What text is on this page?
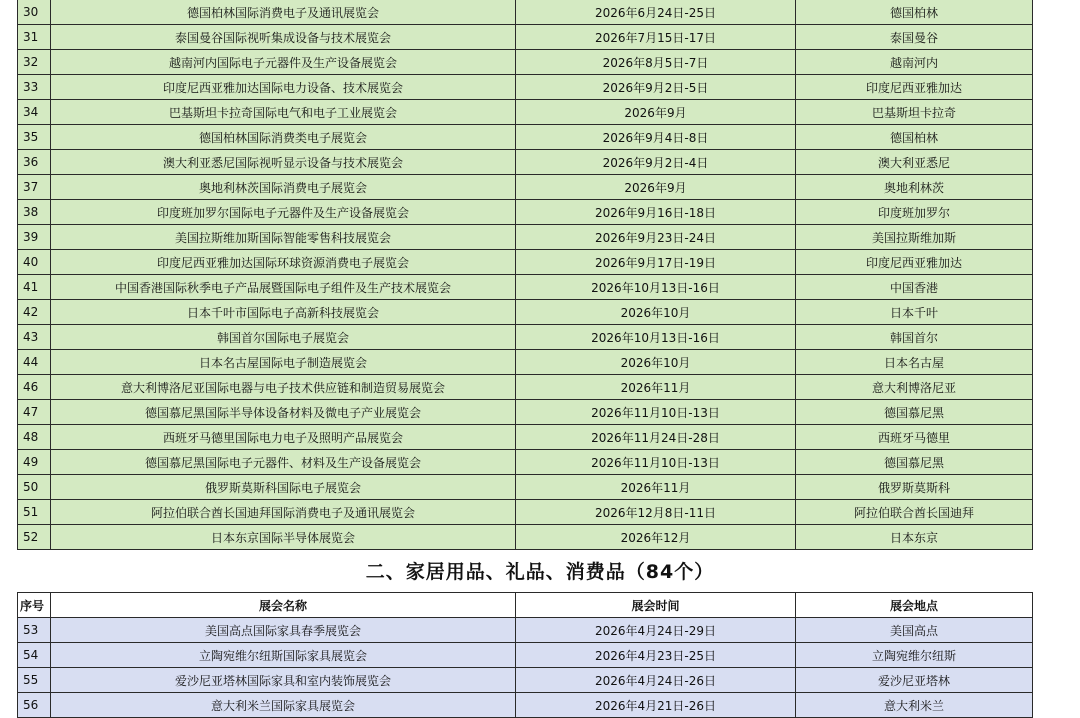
30	德国柏林国际消费电子及通讯展览会	2026年6月24日-25日	德国柏林
31	泰国曼谷国际视听集成设备与技术展览会	2026年7月15日-17日	泰国曼谷
32	越南河内国际电子元器件及生产设备展览会	2026年8月5日-7日	越南河内
33	印度尼西亚雅加达国际电力设备、技术展览会	2026年9月2日-5日	印度尼西亚雅加达
34	巴基斯坦卡拉奇国际电气和电子工业展览会	2026年9月	巴基斯坦卡拉奇
35	德国柏林国际消费类电子展览会	2026年9月4日-8日	德国柏林
36	澳大利亚悉尼国际视听显示设备与技术展览会	2026年9月2日-4日	澳大利亚悉尼
37	奥地利林茨国际消费电子展览会	2026年9月	奥地利林茨
38	印度班加罗尔国际电子元器件及生产设备展览会	2026年9月16日-18日	印度班加罗尔
39	美国拉斯维加斯国际智能零售科技展览会	2026年9月23日-24日	美国拉斯维加斯
40	印度尼西亚雅加达国际环球资源消费电子展览会	2026年9月17日-19日	印度尼西亚雅加达
41	中国香港国际秋季电子产品展暨国际电子组件及生产技术展览会	2026年10月13日-16日	中国香港
42	日本千叶市国际电子高新科技展览会	2026年10月	日本千叶
43	韩国首尔国际电子展览会	2026年10月13日-16日	韩国首尔
44	日本名古屋国际电子制造展览会	2026年10月	日本名古屋
46	意大利博洛尼亚国际电器与电子技术供应链和制造贸易展览会	2026年11月	意大利博洛尼亚
47	德国慕尼黑国际半导体设备材料及微电子产业展览会	2026年11月10日-13日	德国慕尼黑
48	西班牙马德里国际电力电子及照明产品展览会	2026年11月24日-28日	西班牙马德里
49	德国慕尼黑国际电子元器件、材料及生产设备展览会	2026年11月10日-13日	德国慕尼黑
50	俄罗斯莫斯科国际电子展览会	2026年11月	俄罗斯莫斯科
51	阿拉伯联合酋长国迪拜国际消费电子及通讯展览会	2026年12月8日-11日	阿拉伯联合酋长国迪拜
52	日本东京国际半导体展览会	2026年12月	日本东京
二、家居用品、礼品、消费品（84个）
序号	展会名称	展会时间	展会地点
53	美国高点国际家具春季展览会	2026年4月24日-29日	美国高点
54	立陶宛维尔纽斯国际家具展览会	2026年4月23日-25日	立陶宛维尔纽斯
55	爱沙尼亚塔林国际家具和室内装饰展览会	2026年4月24日-26日	爱沙尼亚塔林
56	意大利米兰国际家具展览会	2026年4月21日-26日	意大利米兰
